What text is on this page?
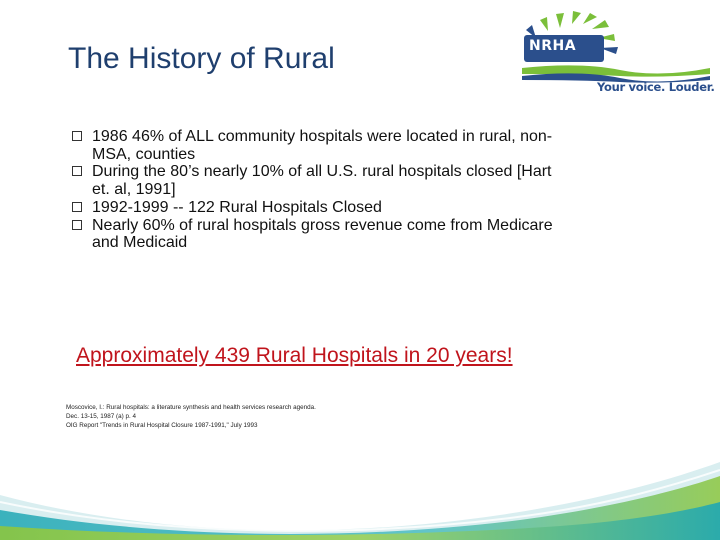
The History of Rural	NRHA
Your voice. Louder.
1986 46% of ALL community hospitals were located in rural, non-
MSA, counties
During the 80’s nearly 10% of all U.S. rural hospitals closed [Hart
et. al, 1991]
1992-1999 -- 122 Rural Hospitals Closed
Nearly 60% of rural hospitals gross revenue come from Medicare
and Medicaid
Approximately 439 Rural Hospitals in 20 years!
Moscovice, I.: Rural hospitals: a literature synthesis and health services research agenda.
Dec. 13-15, 1987 (a) p. 4
OIG Report "Trends in Rural Hospital Closure 1987-1991," July 1993
